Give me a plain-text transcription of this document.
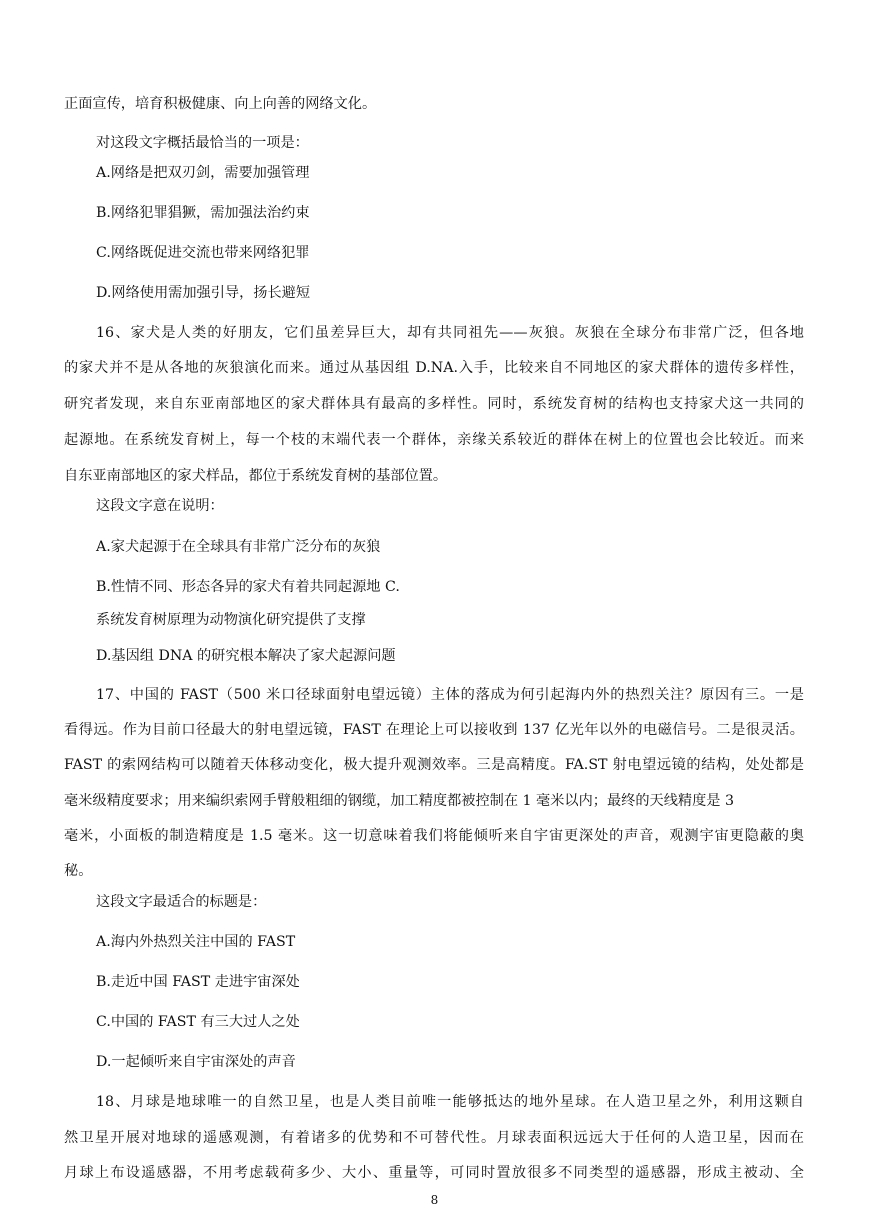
正面宣传，培育积极健康、向上向善的网络文化。
对这段文字概括最恰当的一项是：
A.网络是把双刃剑，需要加强管理
B.网络犯罪猖獗，需加强法治约束
C.网络既促进交流也带来网络犯罪
D.网络使用需加强引导，扬长避短
16、家犬是人类的好朋友，它们虽差异巨大，却有共同祖先——灰狼。灰狼在全球分布非常广泛，但各地
的家犬并不是从各地的灰狼演化而来。通过从基因组 D.NA.入手，比较来自不同地区的家犬群体的遗传多样性，
研究者发现，来自东亚南部地区的家犬群体具有最高的多样性。同时，系统发育树的结构也支持家犬这一共同的
起源地。在系统发育树上，每一个枝的末端代表一个群体，亲缘关系较近的群体在树上的位置也会比较近。而来
自东亚南部地区的家犬样品，都位于系统发育树的基部位置。
这段文字意在说明：
A.家犬起源于在全球具有非常广泛分布的灰狼
B.性情不同、形态各异的家犬有着共同起源地 C.
系统发育树原理为动物演化研究提供了支撑
D.基因组 DNA 的研究根本解决了家犬起源问题
17、中国的 FAST（500 米口径球面射电望远镜）主体的落成为何引起海内外的热烈关注？原因有三。一是
看得远。作为目前口径最大的射电望远镜，FAST 在理论上可以接收到 137 亿光年以外的电磁信号。二是很灵活。
FAST 的索网结构可以随着天体移动变化，极大提升观测效率。三是高精度。FA.ST 射电望远镜的结构，处处都是
毫米级精度要求；用来编织索网手臂般粗细的钢缆，加工精度都被控制在 1 毫米以内；最终的天线精度是 3
毫米，小面板的制造精度是 1.5 毫米。这一切意味着我们将能倾听来自宇宙更深处的声音，观测宇宙更隐蔽的奥
秘。
这段文字最适合的标题是：
A.海内外热烈关注中国的 FAST
B.走近中国 FAST 走进宇宙深处
C.中国的 FAST 有三大过人之处
D.一起倾听来自宇宙深处的声音
18、月球是地球唯一的自然卫星，也是人类目前唯一能够抵达的地外星球。在人造卫星之外，利用这颗自
然卫星开展对地球的遥感观测，有着诸多的优势和不可替代性。月球表面积远远大于任何的人造卫星，因而在
月球上布设遥感器，不用考虑载荷多少、大小、重量等，可同时置放很多不同类型的遥感器，形成主被动、全
8
